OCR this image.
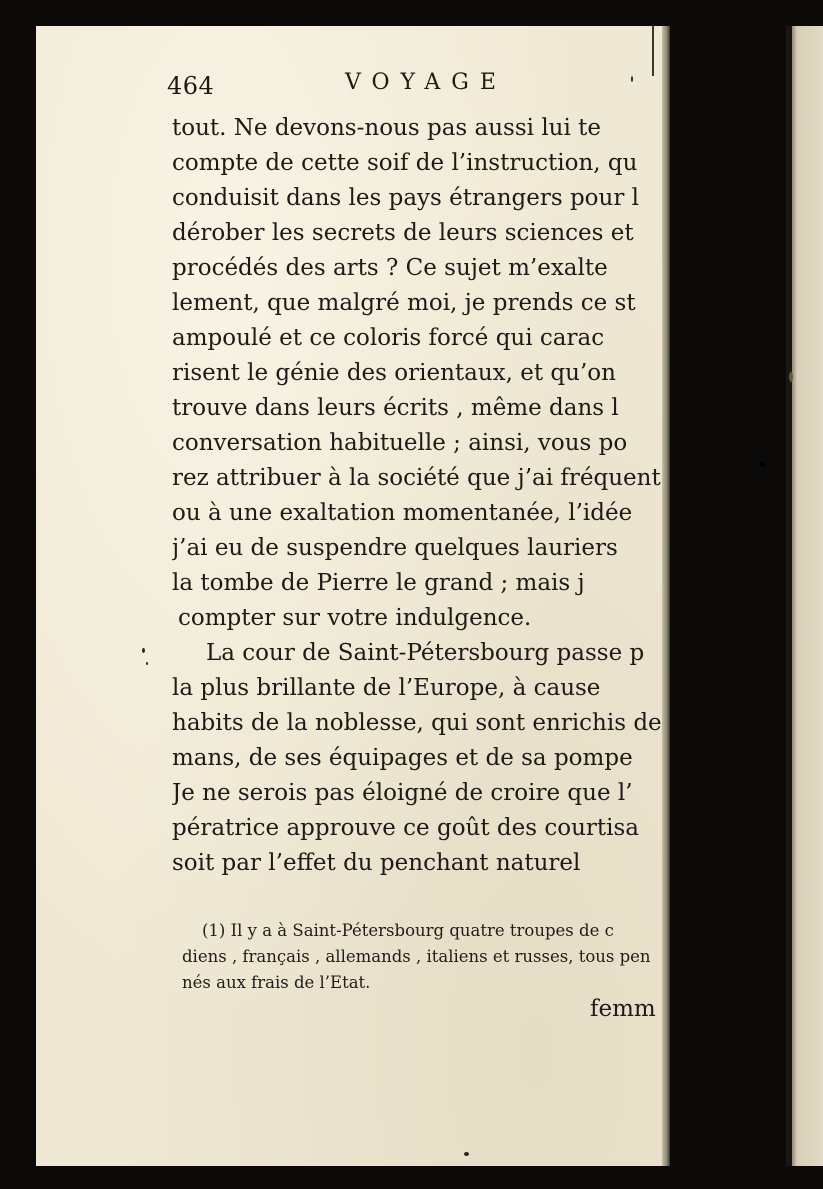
464	VOYAGE
tout. Ne devons-nous pas aussi lui te
compte de cette soif de l’instruction, qu
conduisit dans les pays étrangers pour l
dérober les secrets de leurs sciences et
procédés des arts ? Ce sujet m’exalte
lement, que malgré moi, je prends ce st
ampoulé et ce coloris forcé qui carac
risent le génie des orientaux, et qu’on
trouve dans leurs écrits , même dans l
conversation habituelle ; ainsi, vous po
rez attribuer à la société que j’ai fréquent
ou à une exaltation momentanée, l’idée
j’ai eu de suspendre quelques lauriers
la tombe de Pierre le grand ; mais j
compter sur votre indulgence.
La cour de Saint-Pétersbourg passe p
la plus brillante de l’Europe, à cause
habits de la noblesse, qui sont enrichis de
mans, de ses équipages et de sa pompe
Je ne serois pas éloigné de croire que l’
pératrice approuve ce goût des courtisa
soit par l’effet du penchant naturel
(1) Il y a à Saint-Pétersbourg quatre troupes de c
diens , français , allemands , italiens et russes, tous pen
nés aux frais de l’Etat.
femm
